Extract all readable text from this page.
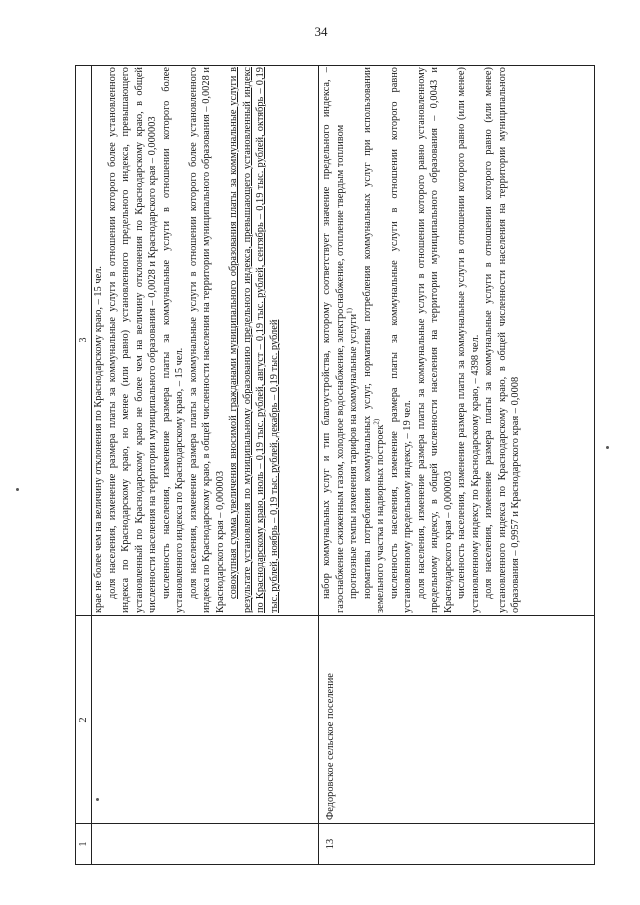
34
1
2
3 крае не более чем на величину отклонения по Краснодарскому краю, – 15 чел. доля населения, изменение размера платы за коммунальные услуги в отношении которого более установленного индекса по Краснодарскому краю, но менее (или равно) установленного предельного индекса, превышающего установленный по Краснодарскому краю не более чем на величину отклонения по Краснодарскому краю, в общей численности населения на территории муниципального образования – 0,0028 и Краснодарского края – 0,000003 численность населения, изменение размера платы за коммунальные услуги в отношении которого более установленного индекса по Краснодарскому краю, – 15 чел. доля населения, изменение размера платы за коммунальные услуги в отношении которого более установленного индекса по Краснодарскому краю, в общей численности населения на территории муниципального образования – 0,0028 и Краснодарского края – 0,000003 совокупная сумма увеличения вносимой гражданами муниципального образования платы за коммунальные услуги в результате установления по муниципальному образованию предельного индекса, превышающего установленный индекс по Краснодарскому краю, июль – 0,19 тыс. рублей, август – 0,19 тыс. рублей, сентябрь – 0,19 тыс. рублей, октябрь – 0,19 тыс. рублей, ноябрь – 0,19 тыс. рублей, декабрь – 0,19 тыс. рублей

13
Федоровское сельское поселение

набор коммунальных услуг и тип благоустройства, которому соответствует значение предельного индекса, – газоснабжение сжиженным газом, холодное водоснабжение, электроснабжение, отопление твердым топливом прогнозные темпы изменения тарифов на коммунальные услуги$^{1)}$ нормативы потребления коммунальных услуг, нормативы потребления коммунальных услуг при использовании земельного участка и надворных построек$^{2)}$ численность населения, изменение размера платы за коммунальные услуги в отношении которого равно установленному предельному индексу, – 19 чел. доля населения, изменение размера платы за коммунальные услуги в отношении которого равно установленному предельному индексу, в общей численности населения на территории муниципального образования – 0,0043 и Краснодарского края – 0,000003 численность населения, изменение размера платы за коммунальные услуги в отношении которого равно (или менее) установленному индексу по Краснодарскому краю, – 4398 чел. доля населения, изменение размера платы за коммунальные услуги в отношении которого равно (или менее) установленного индекса по Краснодарскому краю, в общей численности населения на территории муниципального образования – 0,9957 и Краснодарского края – 0,0008
